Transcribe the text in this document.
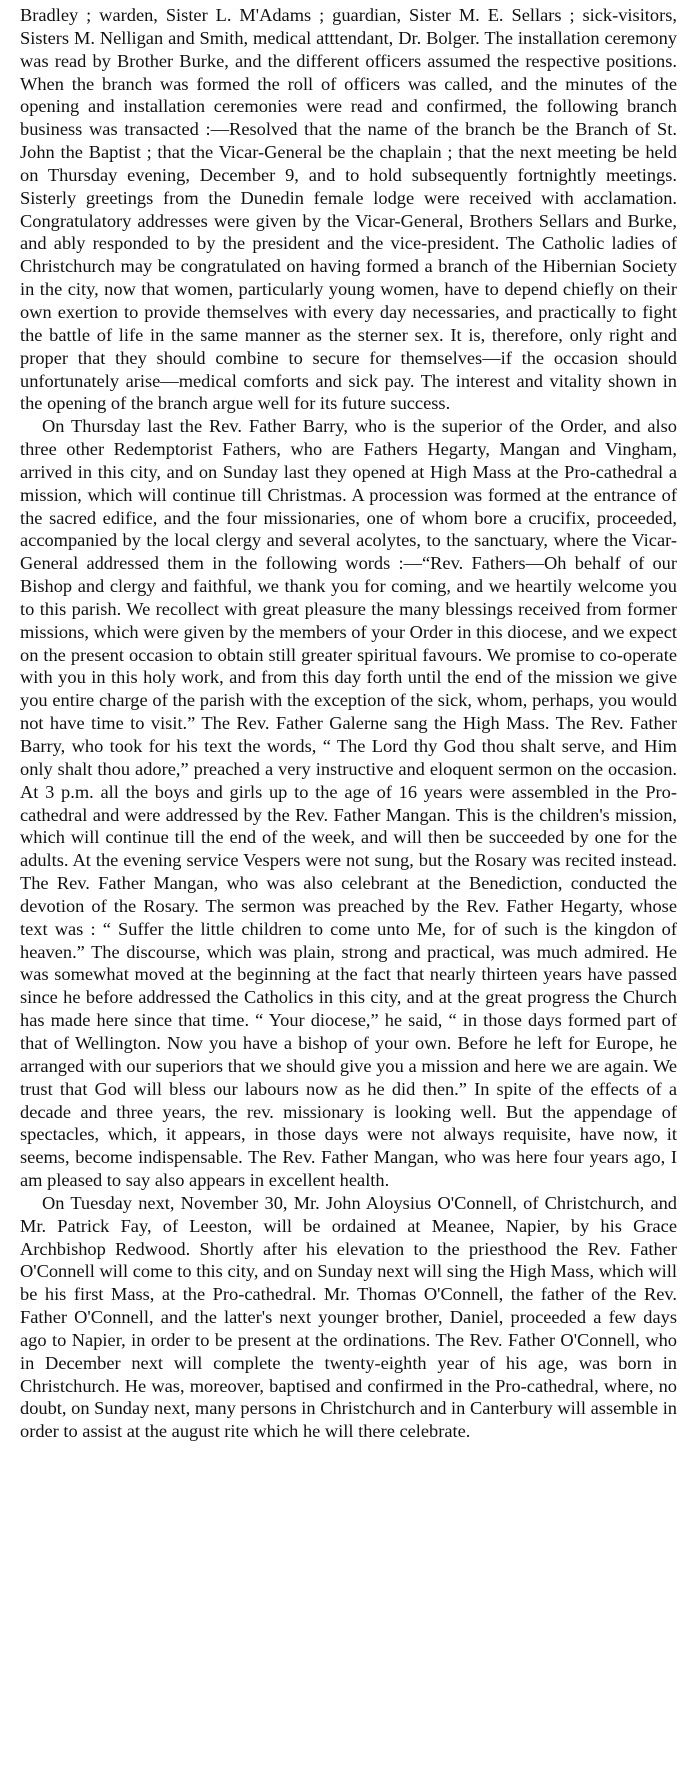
Bradley ; warden, Sister L. M'Adams ; guardian, Sister M. E. Sellars ; sick-visitors, Sisters M. Nelligan and Smith, medical atttendant, Dr. Bolger. The installation ceremony was read by Brother Burke, and the different officers assumed the respective positions. When the branch was formed the roll of officers was called, and the minutes of the opening and installation ceremonies were read and confirmed, the following branch business was transacted :—Resolved that the name of the branch be the Branch of St. John the Baptist ; that the Vicar-General be the chaplain ; that the next meeting be held on Thursday evening, December 9, and to hold subsequently fortnightly meetings. Sisterly greetings from the Dunedin female lodge were received with acclamation. Congratulatory addresses were given by the Vicar-General, Brothers Sellars and Burke, and ably responded to by the president and the vice-president. The Catholic ladies of Christchurch may be congratulated on having formed a branch of the Hibernian Society in the city, now that women, particularly young women, have to depend chiefly on their own exertion to provide themselves with every day necessaries, and practically to fight the battle of life in the same manner as the sterner sex. It is, therefore, only right and proper that they should combine to secure for themselves—if the occasion should unfortunately arise—medical comforts and sick pay. The interest and vitality shown in the opening of the branch argue well for its future success.

On Thursday last the Rev. Father Barry, who is the superior of the Order, and also three other Redemptorist Fathers, who are Fathers Hegarty, Mangan and Vingham, arrived in this city, and on Sunday last they opened at High Mass at the Pro-cathedral a mission, which will continue till Christmas. A procession was formed at the entrance of the sacred edifice, and the four missionaries, one of whom bore a crucifix, proceeded, accompanied by the local clergy and several acolytes, to the sanctuary, where the Vicar-General addressed them in the following words :—“Rev. Fathers—Oh behalf of our Bishop and clergy and faithful, we thank you for coming, and we heartily welcome you to this parish. We recollect with great pleasure the many blessings received from former missions, which were given by the members of your Order in this diocese, and we expect on the present occasion to obtain still greater spiritual favours. We promise to co-operate with you in this holy work, and from this day forth until the end of the mission we give you entire charge of the parish with the exception of the sick, whom, perhaps, you would not have time to visit.” The Rev. Father Galerne sang the High Mass. The Rev. Father Barry, who took for his text the words, “ The Lord thy God thou shalt serve, and Him only shalt thou adore,” preached a very instructive and eloquent sermon on the occasion. At 3 p.m. all the boys and girls up to the age of 16 years were assembled in the Pro-cathedral and were addressed by the Rev. Father Mangan. This is the children's mission, which will continue till the end of the week, and will then be succeeded by one for the adults. At the evening service Vespers were not sung, but the Rosary was recited instead. The Rev. Father Mangan, who was also celebrant at the Benediction, conducted the devotion of the Rosary. The sermon was preached by the Rev. Father Hegarty, whose text was : “ Suffer the little children to come unto Me, for of such is the kingdon of heaven.” The discourse, which was plain, strong and practical, was much admired. He was somewhat moved at the beginning at the fact that nearly thirteen years have passed since he before addressed the Catholics in this city, and at the great progress the Church has made here since that time. “ Your diocese,” he said, “ in those days formed part of that of Wellington. Now you have a bishop of your own. Before he left for Europe, he arranged with our superiors that we should give you a mission and here we are again. We trust that God will bless our labours now as he did then.” In spite of the effects of a decade and three years, the rev. missionary is looking well. But the appendage of spectacles, which, it appears, in those days were not always requisite, have now, it seems, become indispensable. The Rev. Father Mangan, who was here four years ago, I am pleased to say also appears in excellent health.

On Tuesday next, November 30, Mr. John Aloysius O'Connell, of Christchurch, and Mr. Patrick Fay, of Leeston, will be ordained at Meanee, Napier, by his Grace Archbishop Redwood. Shortly after his elevation to the priesthood the Rev. Father O'Connell will come to this city, and on Sunday next will sing the High Mass, which will be his first Mass, at the Pro-cathedral. Mr. Thomas O'Connell, the father of the Rev. Father O'Connell, and the latter's next younger brother, Daniel, proceeded a few days ago to Napier, in order to be present at the ordinations. The Rev. Father O'Connell, who in December next will complete the twenty-eighth year of his age, was born in Christchurch. He was, moreover, baptised and confirmed in the Pro-cathedral, where, no doubt, on Sunday next, many persons in Christchurch and in Canterbury will assemble in order to assist at the august rite which he will there celebrate.
